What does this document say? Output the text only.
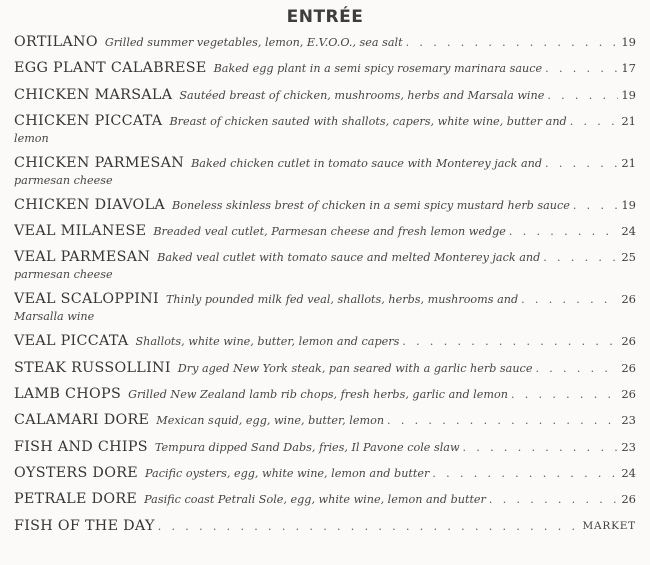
ENTRÉE
ORTILANO Grilled summer vegetables, lemon, E.V.O.O., sea salt . . .	19
EGG PLANT CALABRESE Baked egg plant in a semi spicy rosemary marinara sauce . . .	17
CHICKEN MARSALA Sautéed breast of chicken, mushrooms, herbs and Marsala wine . . .	19
CHICKEN PICCATA Breast of chicken sauted with shallots, capers, white wine, butter and . . .	21
lemon
CHICKEN PARMESAN Baked chicken cutlet in tomato sauce with Monterey jack and . . .	21
parmesan cheese
CHICKEN DIAVOLA Boneless skinless brest of chicken in a semi spicy mustard herb sauce . . .	19
VEAL MILANESE Breaded veal cutlet, Parmesan cheese and fresh lemon wedge . . .	24
VEAL PARMESAN Baked veal cutlet with tomato sauce and melted Monterey jack and . . .	25
parmesan cheese
VEAL SCALOPPINI Thinly pounded milk fed veal, shallots, herbs, mushrooms and . . .	26
Marsalla wine
VEAL PICCATA Shallots, white wine, butter, lemon and capers . . .	26
STEAK RUSSOLLINI Dry aged New York steak, pan seared with a garlic herb sauce . . .	26
LAMB CHOPS Grilled New Zealand lamb rib chops, fresh herbs, garlic and lemon . . .	26
CALAMARI DORE Mexican squid, egg, wine, butter, lemon . . .	23
FISH AND CHIPS Tempura dipped Sand Dabs, fries, Il Pavone cole slaw . . .	23
OYSTERS DORE Pacific oysters, egg, white wine, lemon and butter . . .	24
PETRALE DORE Pasific coast Petrali Sole, egg, white wine, lemon and butter . . .	26
FISH OF THE DAY . . .	MARKET
